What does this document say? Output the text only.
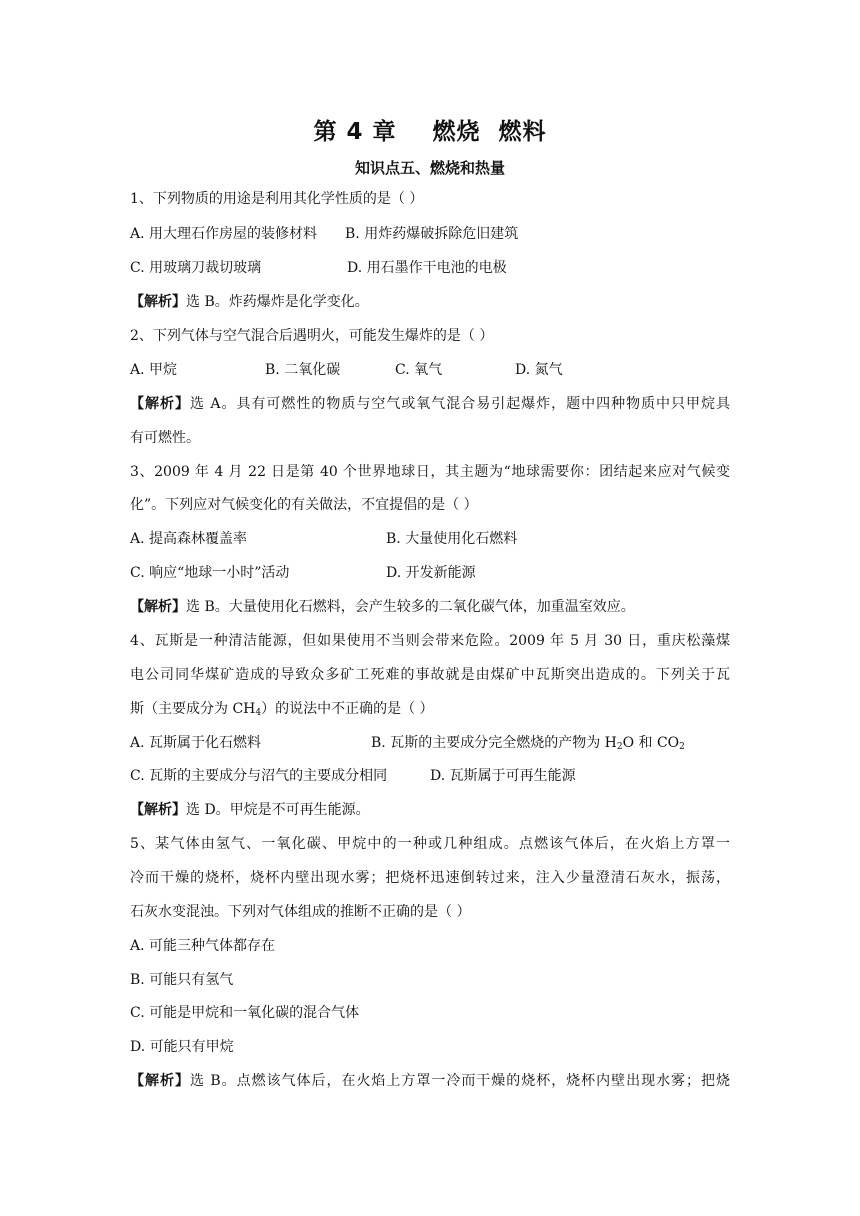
第 4 章    燃烧  燃料
知识点五、燃烧和热量
1、下列物质的用途是利用其化学性质的是（ ）
A. 用大理石作房屋的装修材料 B. 用炸药爆破拆除危旧建筑
C. 用玻璃刀裁切玻璃	D. 用石墨作干电池的电极
【解析】选 B。炸药爆炸是化学变化。
2、下列气体与空气混合后遇明火，可能发生爆炸的是（ ）
A. 甲烷	B. 二氧化碳	C. 氧气	D. 氮气
【解析】选 A。具有可燃性的物质与空气或氧气混合易引起爆炸，题中四种物质中只甲烷具
有可燃性。
3、2009 年 4 月 22 日是第 40 个世界地球日，其主题为“地球需要你：团结起来应对气候变
化”。下列应对气候变化的有关做法，不宜提倡的是（ ）
A. 提高森林覆盖率	B. 大量使用化石燃料
C. 响应“地球一小时”活动	D. 开发新能源
【解析】选 B。大量使用化石燃料，会产生较多的二氧化碳气体，加重温室效应。
4、瓦斯是一种清洁能源，但如果使用不当则会带来危险。2009 年 5 月 30 日，重庆松藻煤
电公司同华煤矿造成的导致众多矿工死难的事故就是由煤矿中瓦斯突出造成的。下列关于瓦
斯（主要成分为 $CH_4$）的说法中不正确的是（ ）
A. 瓦斯属于化石燃料	B. 瓦斯的主要成分完全燃烧的产物为 $H_2O$ 和 $CO_2$
C. 瓦斯的主要成分与沼气的主要成分相同	D. 瓦斯属于可再生能源
【解析】选 D。甲烷是不可再生能源。
5、某气体由氢气、一氧化碳、甲烷中的一种或几种组成。点燃该气体后，在火焰上方罩一
冷而干燥的烧杯，烧杯内壁出现水雾；把烧杯迅速倒转过来，注入少量澄清石灰水，振荡，
石灰水变混浊。下列对气体组成的推断不正确的是（ ）
A. 可能三种气体都存在
B. 可能只有氢气
C. 可能是甲烷和一氧化碳的混合气体
D. 可能只有甲烷
【解析】选 B。点燃该气体后，在火焰上方罩一冷而干燥的烧杯，烧杯内壁出现水雾；把烧
